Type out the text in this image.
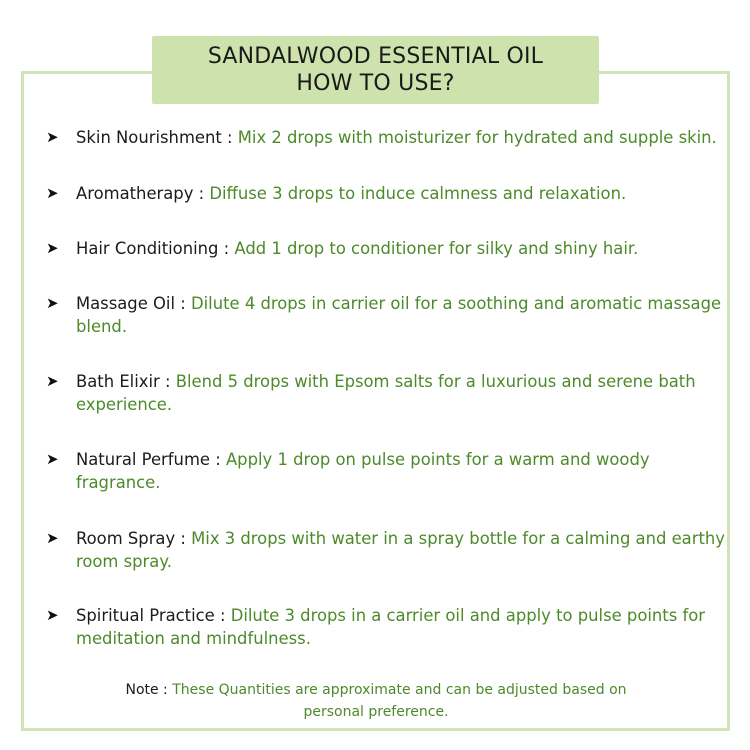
SANDALWOOD ESSENTIAL OIL
HOW TO USE?
➤ Skin Nourishment : Mix 2 drops with moisturizer for hydrated and supple skin.
➤ Aromatherapy : Diffuse 3 drops to induce calmness and relaxation.
➤ Hair Conditioning : Add 1 drop to conditioner for silky and shiny hair.
➤ Massage Oil : Dilute 4 drops in carrier oil for a soothing and aromatic massage blend.
➤ Bath Elixir : Blend 5 drops with Epsom salts for a luxurious and serene bath experience.
➤ Natural Perfume : Apply 1 drop on pulse points for a warm and woody fragrance.
➤ Room Spray : Mix 3 drops with water in a spray bottle for a calming and earthy room spray.
➤ Spiritual Practice : Dilute 3 drops in a carrier oil and apply to pulse points for meditation and mindfulness.
Note : These Quantities are approximate and can be adjusted based on personal preference.
